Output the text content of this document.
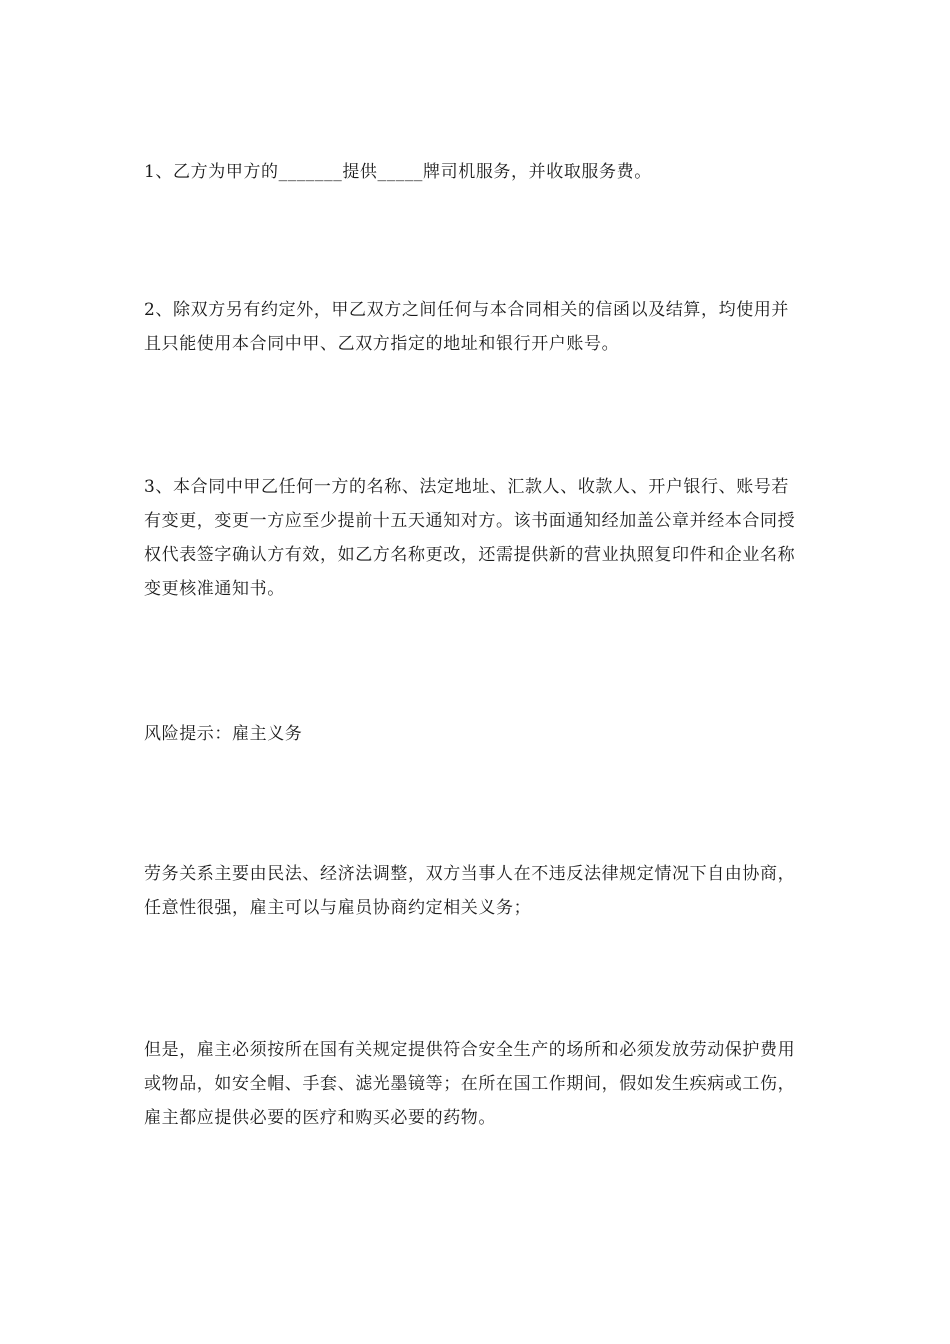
1、乙方为甲方的_______提供_____牌司机服务，并收取服务费。

2、除双方另有约定外，甲乙双方之间任何与本合同相关的信函以及结算，均使用并且只能使用本合同中甲、乙双方指定的地址和银行开户账号。

3、本合同中甲乙任何一方的名称、法定地址、汇款人、收款人、开户银行、账号若有变更，变更一方应至少提前十五天通知对方。该书面通知经加盖公章并经本合同授权代表签字确认方有效，如乙方名称更改，还需提供新的营业执照复印件和企业名称变更核准通知书。

风险提示：雇主义务

劳务关系主要由民法、经济法调整，双方当事人在不违反法律规定情况下自由协商，任意性很强，雇主可以与雇员协商约定相关义务；

但是，雇主必须按所在国有关规定提供符合安全生产的场所和必须发放劳动保护费用或物品，如安全帽、手套、滤光墨镜等；在所在国工作期间，假如发生疾病或工伤，雇主都应提供必要的医疗和购买必要的药物。
